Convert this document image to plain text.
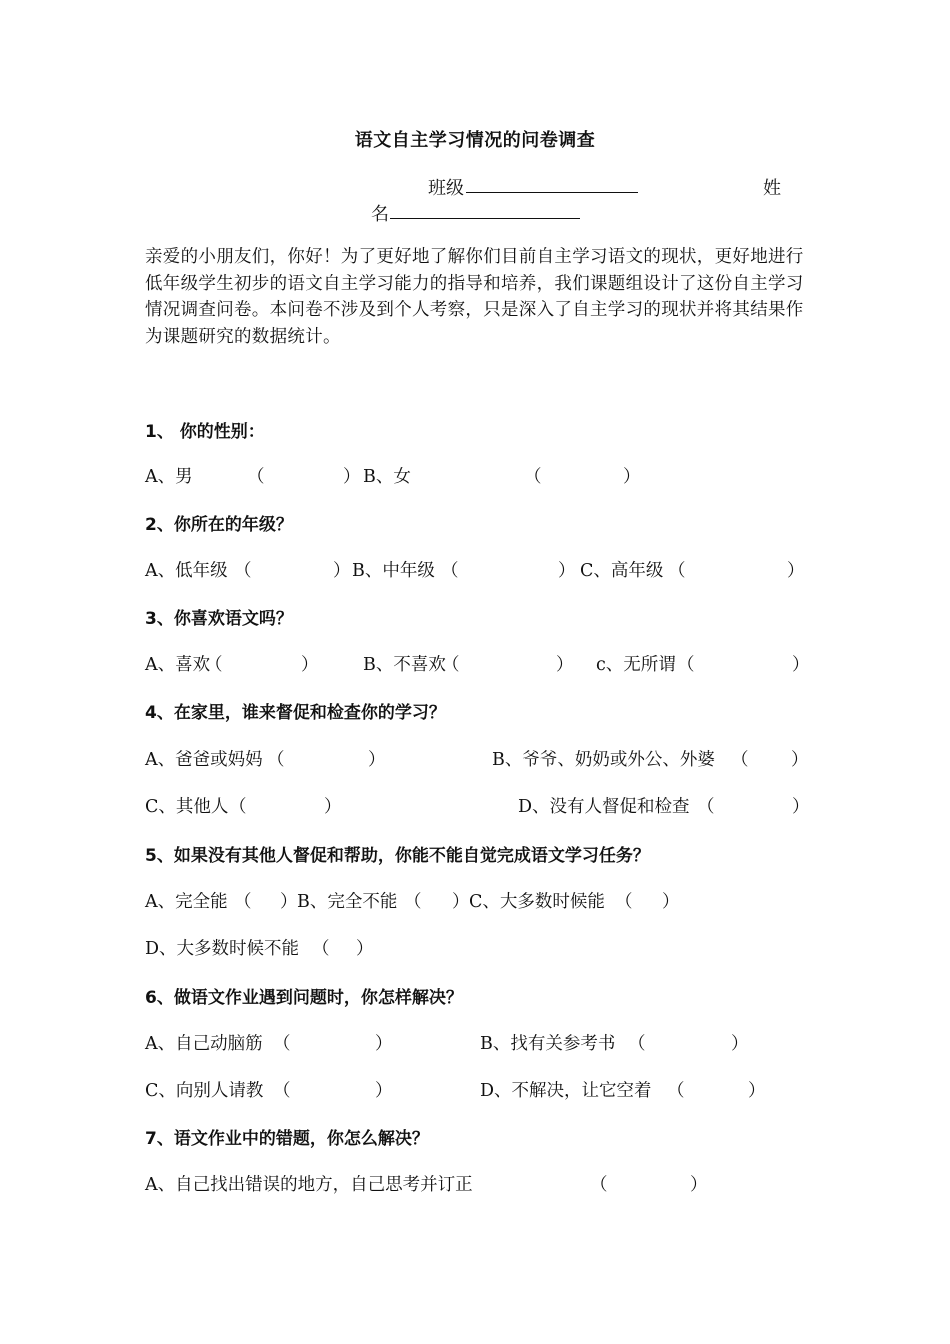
语文自主学习情况的问卷调查
班级	姓
名
亲爱的小朋友们，你好！为了更好地了解你们目前自主学习语文的现状，更好地进行低年级学生初步的语文自主学习能力的指导和培养，我们课题组设计了这份自主学习情况调查问卷。本问卷不涉及到个人考察，只是深入了自主学习的现状并将其结果作为课题研究的数据统计。
1、 你的性别：
A、男	（	） B、女	（	）
2、你所在的年级？
A、低年级 （	） B、中年级 （	） C、高年级 （	）
3、你喜欢语文吗？
A、喜欢
（	）	B、不喜欢
（	） c、无所谓 （	）
4、在家里，谁来督促和检查你的学习？
A、爸爸或妈妈 （	）	B、爷爷、奶奶或外公、外婆 （ ）
C、其他人 （	）	D、没有人督促和检查 （	）
5、如果没有其他人督促和帮助，你能不能自觉完成语文学习任务？
A、完全能 （ ） B、完全不能 （ ） C、大多数时候能 （ ）
D、大多数时候不能 （ ）
6、做语文作业遇到问题时，你怎样解决？
A、自己动脑筋 （	）	B、找有关参考书 （	）
C、向别人请教 （	）	D、不解决，让它空着 （	）
7、语文作业中的错题，你怎么解决？
A、自己找出错误的地方，自己思考并订正	（	）
